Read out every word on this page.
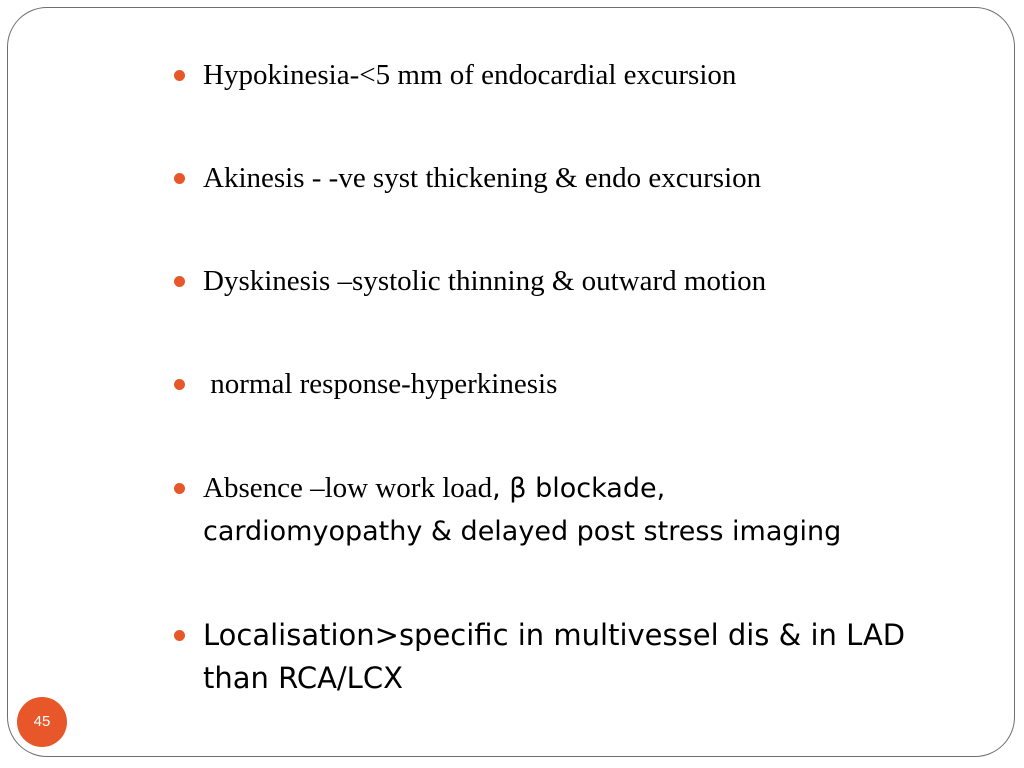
Hypokinesia-<5 mm of endocardial excursion
Akinesis - -ve syst thickening & endo excursion
Dyskinesis –systolic thinning & outward motion
normal response-hyperkinesis
Absence –low work load, β blockade,
cardiomyopathy & delayed post stress imaging
Localisation>specific in multivessel dis & in LAD
than RCA/LCX
45
